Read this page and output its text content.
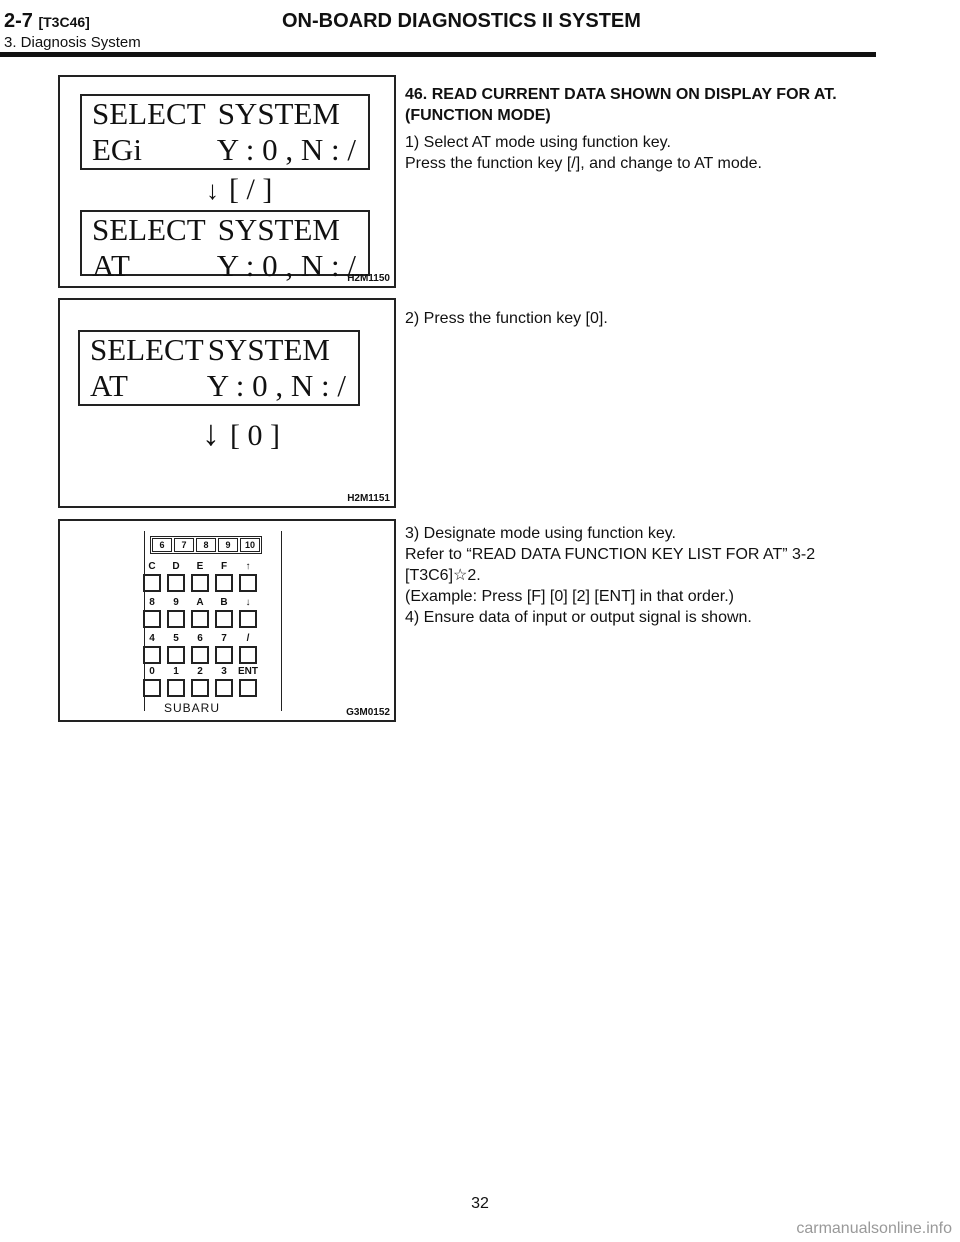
2-7 [T3C46]	ON-BOARD DIAGNOSTICS II SYSTEM
3. Diagnosis System
SELECT SYSTEM
EGi Y : 0 , N : /
↓ [ / ]
SELECT SYSTEM
AT	Y : 0 , N : /
H2M1150
SELECT SYSTEM
AT	Y : 0 , N : /
↓ [ 0 ]
H2M1151
6	7	8	9	10
C	D	E	F	↑
8	9	A	B	↓
4	5	6	7	/
0	1	2	3	ENT
SUBARU	G3M0152
46. READ CURRENT DATA SHOWN ON DISPLAY FOR AT. (FUNCTION MODE)
1) Select AT mode using function key.
Press the function key [/], and change to AT mode.
2) Press the function key [0].
3) Designate mode using function key.
Refer to “READ DATA FUNCTION KEY LIST FOR AT” 3-2
[T3C6]☆2.
(Example: Press [F] [0] [2] [ENT] in that order.)
4) Ensure data of input or output signal is shown.
32
carmanualsonline.info
